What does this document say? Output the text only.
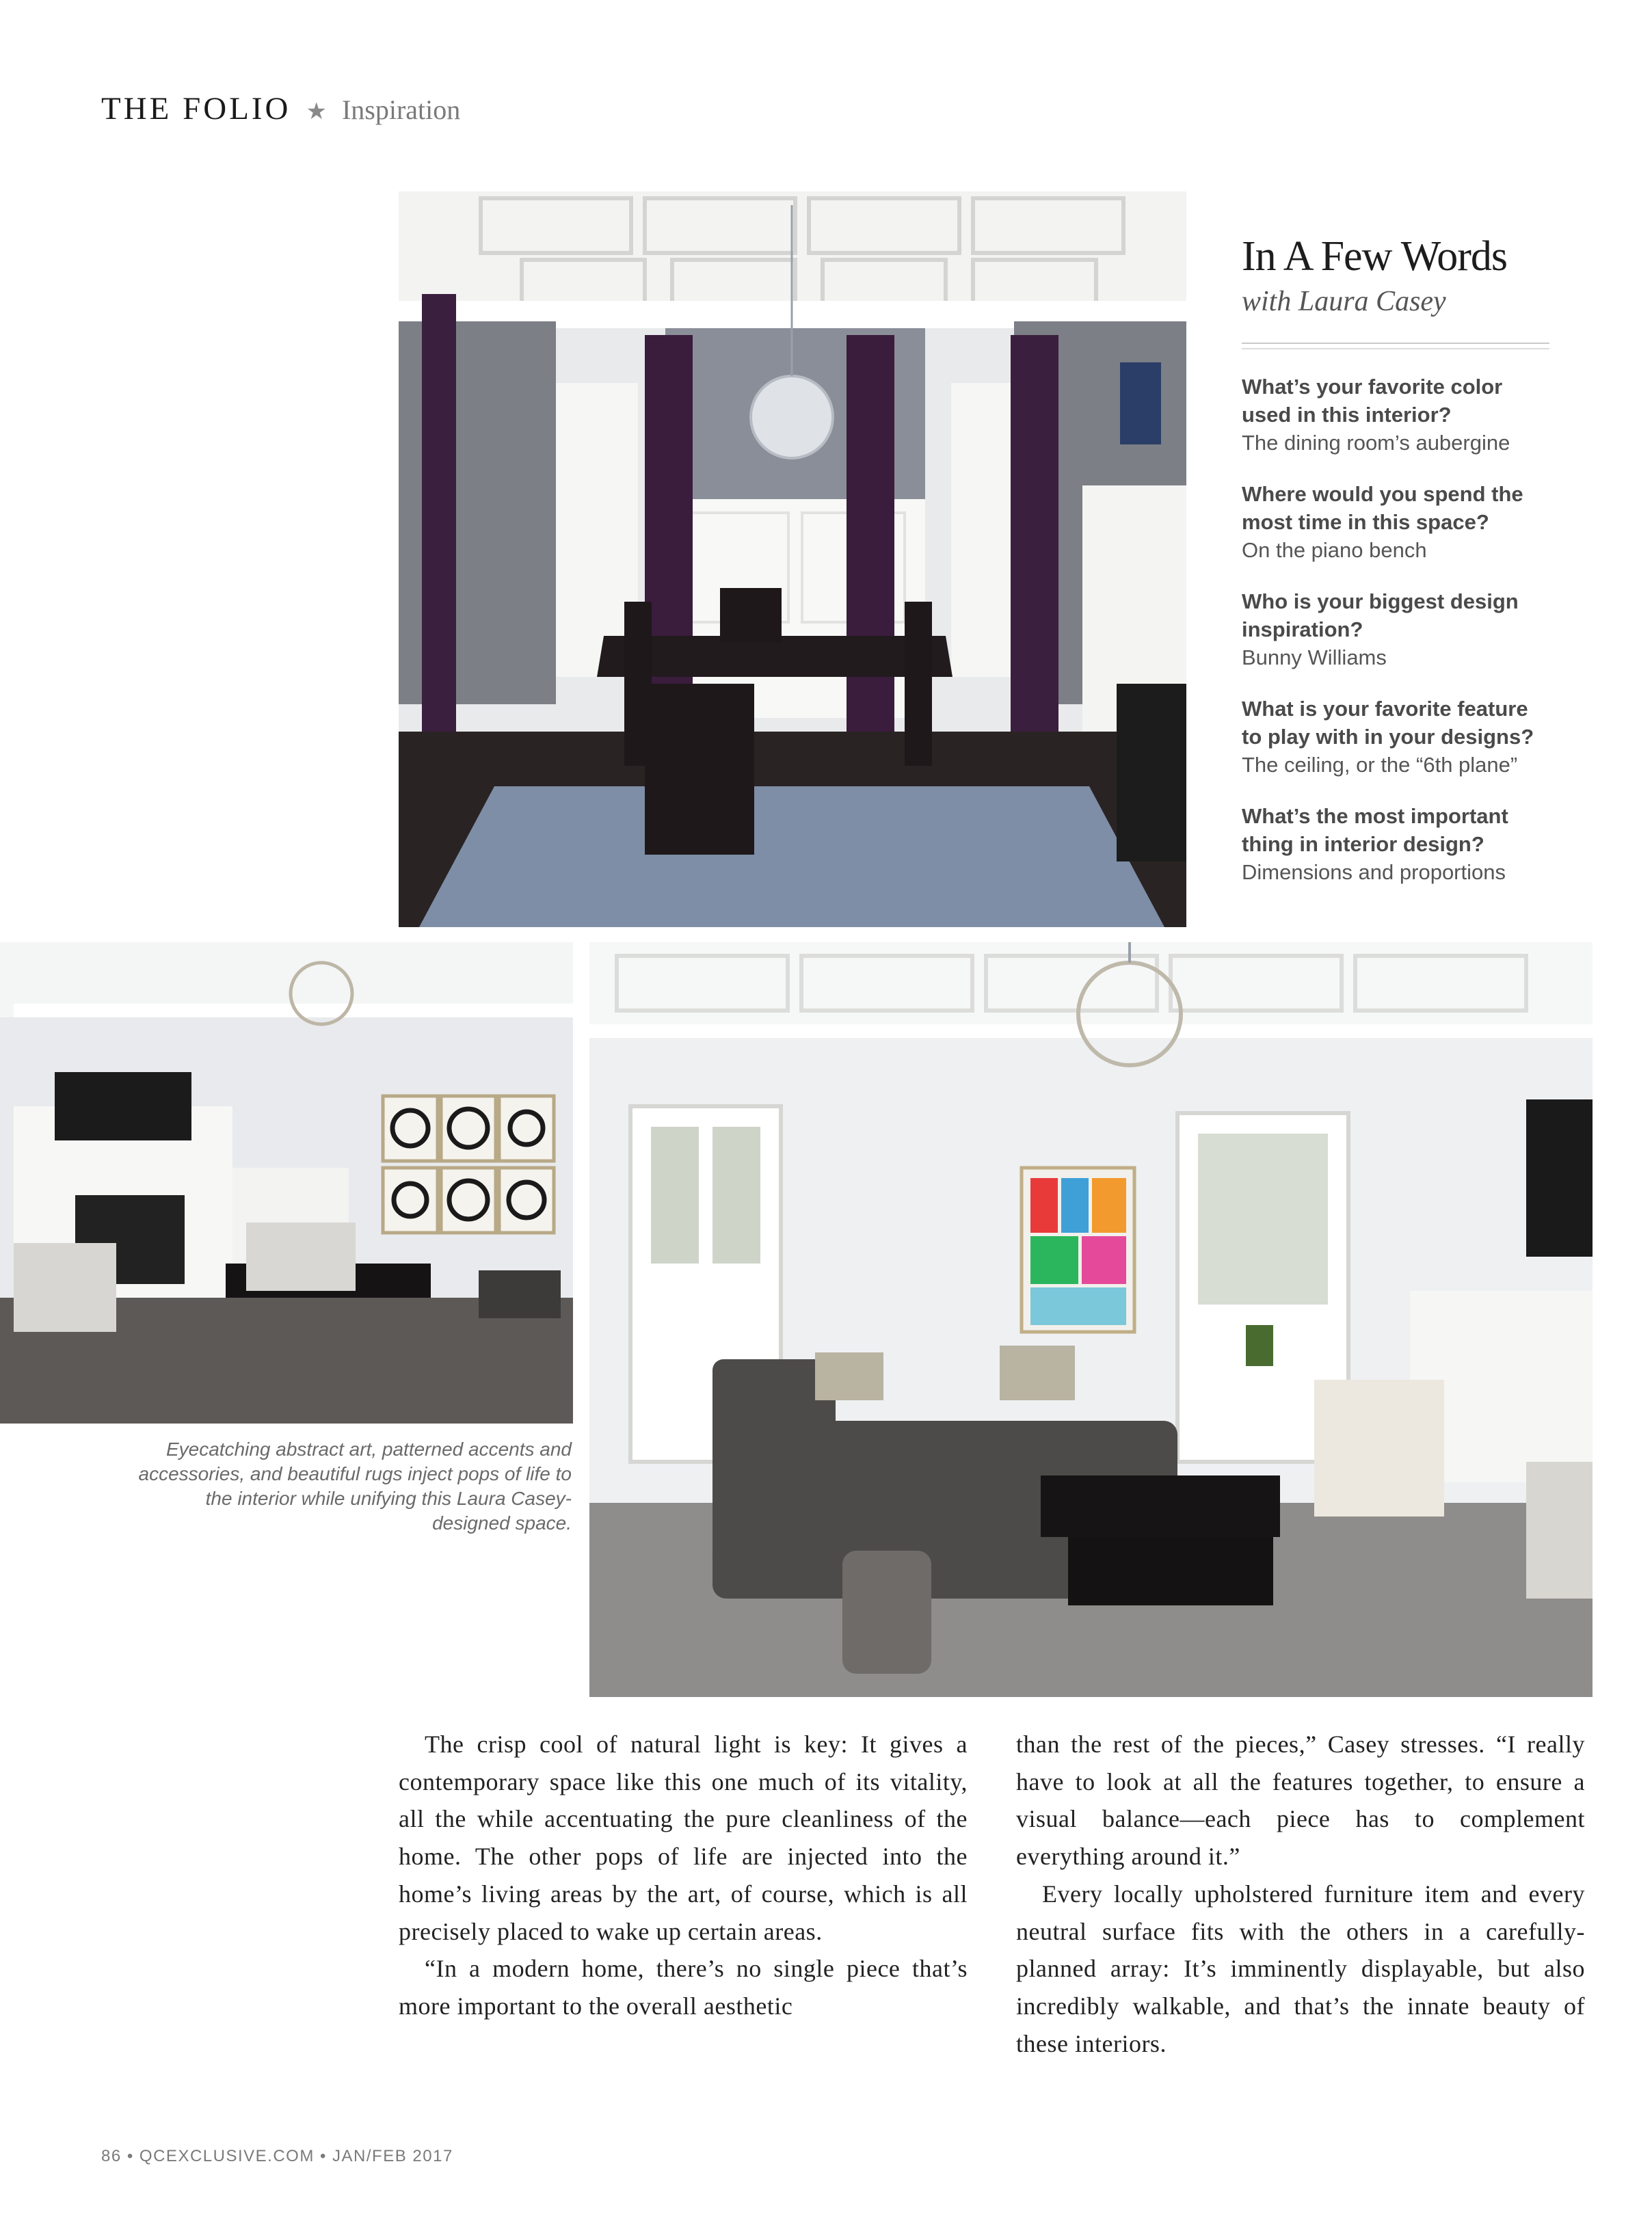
THE FOLIO ★ Inspiration
In A Few Words
with Laura Casey
What’s your favorite color used in this interior?
The dining room’s aubergine
Where would you spend the most time in this space?
On the piano bench
Who is your biggest design inspiration?
Bunny Williams
What is your favorite feature to play with in your designs?
The ceiling, or the “6th plane”
What’s the most important thing in interior design?
Dimensions and proportions
Eyecatching abstract art, patterned accents and accessories, and beautiful rugs inject pops of life to the interior while unifying this Laura Casey-designed space.

The crisp cool of natural light is key: It gives a contemporary space like this one much of its vitality, all the while accentuating the pure cleanliness of the home. The other pops of life are injected into the home’s living areas by the art, of course, which is all precisely placed to wake up certain areas.

“In a modern home, there’s no single piece that’s more important to the overall aesthetic

than the rest of the pieces,” Casey stresses. “I really have to look at all the features together, to ensure a visual balance—each piece has to complement everything around it.”

Every locally upholstered furniture item and every neutral surface fits with the others in a carefully-planned array: It’s imminently displayable, but also incredibly walkable, and that’s the innate beauty of these interiors.

86 • QCEXCLUSIVE.COM • JAN/FEB 2017
